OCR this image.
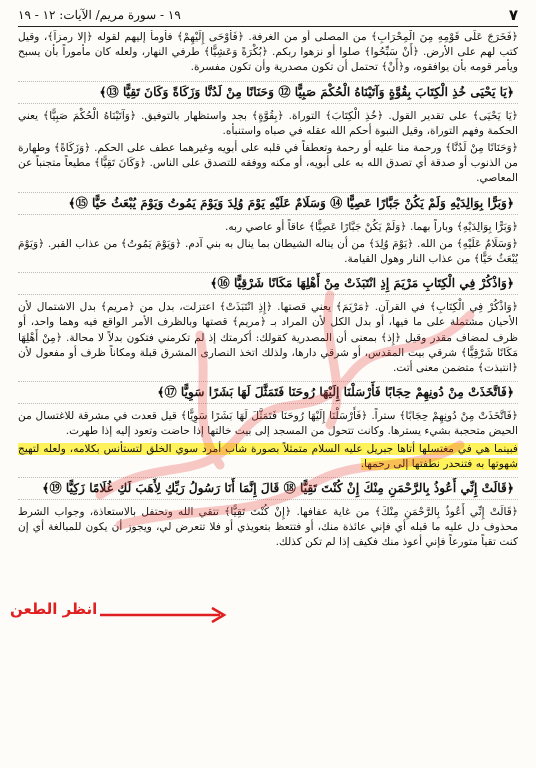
٧
١٩ - سورة مريم/ الآيات: ١٢ - ١٩

﴿فَخَرَجَ عَلَى قَوْمِهِ مِنَ الْمِحْرَابِ﴾ من المصلى أو من الغرفة. ﴿فَأَوْحَى إِلَيْهِمْ﴾ فأومأ إليهم لقوله ﴿إلا رمزاً﴾، وقيل كتب لهم على الأرض. ﴿أَنْ سَبِّحُوا﴾ صلوا أو نزهوا ربكم. ﴿بُكْرَةً وَعَشِيًّا﴾ طرفي النهار، ولعله كان مأموراً بأن يسبح ويأمر قومه بأن يوافقوه، و﴿أَنْ﴾ تحتمل أن تكون مصدرية وأن تكون مفسرة.

﴿يَا يَحْيَى خُذِ الْكِتَابَ بِقُوَّةٍ وَآتَيْنَاهُ الْحُكْمَ صَبِيًّا ⑫ وَحَنَانًا مِنْ لَدُنَّا وَزَكَاةً وَكَانَ تَقِيًّا ⑬﴾

﴿يَا يَحْيَى﴾ على تقدير القول. ﴿خُذِ الْكِتَابَ﴾ التوراة. ﴿بِقُوَّةٍ﴾ بجد واستظهار بالتوفيق. ﴿وَآتَيْنَاهُ الْحُكْمَ صَبِيًّا﴾ يعني الحكمة وفهم التوراة، وقيل النبوة أحكم الله عقله في صباه واستنبأه.

﴿وَحَنَانًا مِنْ لَدُنَّا﴾ ورحمة منا عليه أو رحمة وتعطفاً في قلبه على أبويه وغيرهما عطف على الحكم. ﴿وَزَكَاةً﴾ وطهارة من الذنوب أو صدقة أي تصدق الله به على أبويه، أو مكنه ووفقه للتصدق على الناس. ﴿وَكَانَ تَقِيًّا﴾ مطيعاً متجنباً عن المعاصي.

﴿وَبَرًّا بِوَالِدَيْهِ وَلَمْ يَكُنْ جَبَّارًا عَصِيًّا ⑭ وَسَلَامٌ عَلَيْهِ يَوْمَ وُلِدَ وَيَوْمَ يَمُوتُ وَيَوْمَ يُبْعَثُ حَيًّا ⑮﴾

﴿وَبَرًّا بِوَالِدَيْهِ﴾ وباراً بهما. ﴿وَلَمْ يَكُنْ جَبَّارًا عَصِيًّا﴾ عاقاً أو عاصي ربه.

﴿وَسَلَامٌ عَلَيْهِ﴾ من الله. ﴿يَوْمَ وُلِدَ﴾ من أن يناله الشيطان بما ينال به بني آدم. ﴿وَيَوْمَ يَمُوتُ﴾ من عذاب القبر. ﴿وَيَوْمَ يُبْعَثُ حَيًّا﴾ من عذاب النار وهول القيامة.

﴿وَاذْكُرْ فِي الْكِتَابِ مَرْيَمَ إِذِ انْتَبَذَتْ مِنْ أَهْلِهَا مَكَانًا شَرْقِيًّا ⑯﴾

﴿وَاذْكُرْ فِي الْكِتَابِ﴾ في القرآن. ﴿مَرْيَمَ﴾ يعني قصتها. ﴿إِذِ انْتَبَذَتْ﴾ اعتزلت، بدل من ﴿مريم﴾ بدل الاشتمال لأن الأحيان مشتملة على ما فيها، أو بدل الكل لأن المراد بـ ﴿مريم﴾ قصتها وبالظرف الأمر الواقع فيه وهما واحد، أو ظرف لمضاف مقدر وقيل ﴿إِذ﴾ بمعنى أن المصدرية كقولك: أكرمتك إذ لم تكرمني فتكون بدلاً لا محالة. ﴿مِنْ أَهْلِهَا مَكَانًا شَرْقِيًّا﴾ شرقي بيت المقدس، أو شرقي دارها، ولذلك اتخذ النصارى المشرق قبلة ومكاناً ظرف أو مفعول لأن ﴿انتبذت﴾ متضمن معنى أتت.

﴿فَاتَّخَذَتْ مِنْ دُونِهِمْ حِجَابًا فَأَرْسَلْنَا إِلَيْهَا رُوحَنَا فَتَمَثَّلَ لَهَا بَشَرًا سَوِيًّا ⑰﴾

﴿فَاتَّخَذَتْ مِنْ دُونِهِمْ حِجَابًا﴾ ستراً. ﴿فَأَرْسَلْنَا إِلَيْهَا رُوحَنَا فَتَمَثَّلَ لَهَا بَشَرًا سَوِيًّا﴾ قيل قعدت في مشرقة للاغتسال من الحيض متحجبة بشيء يسترها. وكانت تتحول من المسجد إلى بيت خالتها إذا حاضت وتعود إليه إذا طهرت.

فبينما هي في مغتسلها أتاها جبريل عليه السلام متمثلاً بصورة شاب أمرد سوي الخلق لتستأنس بكلامه، ولعله لتهيج شهوتها به فتنحدر نطفتها إلى رحمها.

﴿قَالَتْ إِنِّي أَعُوذُ بِالرَّحْمَنِ مِنْكَ إِنْ كُنْتَ تَقِيًّا ⑱ قَالَ إِنَّمَا أَنَا رَسُولُ رَبِّكِ لِأَهَبَ لَكِ غُلَامًا زَكِيًّا ⑲﴾

﴿قَالَتْ إِنِّي أَعُوذُ بِالرَّحْمَنِ مِنْكَ﴾ من غاية عفافها. ﴿إِنْ كُنْتَ تَقِيًّا﴾ تتقي الله وتحتفل بالاستعاذة، وجواب الشرط محذوف دل عليه ما قبله أي فإني عائذة منك، أو فتتعظ بتعويذي أو فلا تتعرض لي، ويجوز أن يكون للمبالغة أي إن كنت تقياً متورعاً فإني أعوذ منك فكيف إذا لم تكن كذلك.

انظر الطعن
